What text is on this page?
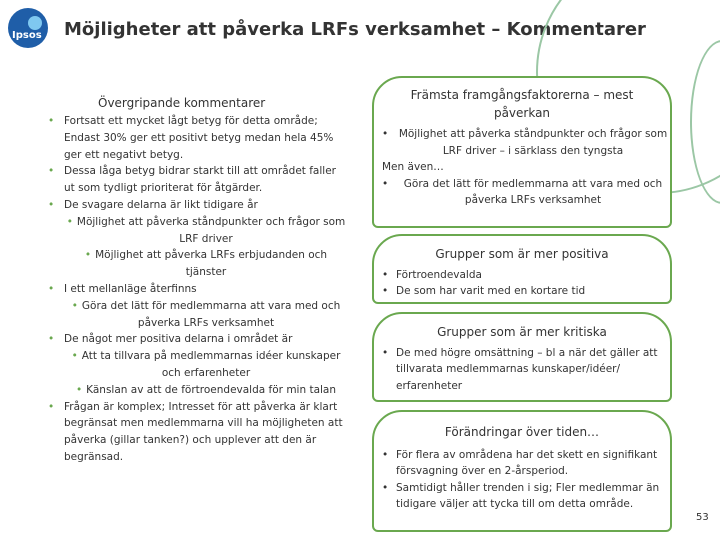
Ipsos Möjligheter att påverka LRFs verksamhet – Kommentarer
Övergripande kommentarer
• Fortsatt ett mycket lågt betyg för detta område; Endast 30% ger ett positivt betyg medan hela 45% ger ett negativt betyg.
• Dessa låga betyg bidrar starkt till att området faller ut som tydligt prioriterat för åtgärder.
• De svagare delarna är likt tidigare år
• Möjlighet att påverka ståndpunkter och frågor som LRF driver
• Möjlighet att påverka LRFs erbjudanden och tjänster
• I ett mellanläge återfinns
• Göra det lätt för medlemmarna att vara med och påverka LRFs verksamhet
• De något mer positiva delarna i området är
• Att ta tillvara på medlemmarnas idéer kunskaper och erfarenheter
• Känslan av att de förtroendevalda för min talan
• Frågan är komplex; Intresset för att påverka är klart begränsat men medlemmarna vill ha möjligheten att påverka (gillar tanken?) och upplever att den är begränsad.
Främsta framgångsfaktorerna – mest påverkan
• Möjlighet att påverka ståndpunkter och frågor som LRF driver – i särklass den tyngsta
Men även…
• Göra det lätt för medlemmarna att vara med och påverka LRFs verksamhet
Grupper som är mer positiva
• Förtroendevalda
• De som har varit med en kortare tid
Grupper som är mer kritiska
• De med högre omsättning – bl a när det gäller att tillvarata medlemmarnas kunskaper/idéer/ erfarenheter
Förändringar över tiden…
• För flera av områdena har det skett en signifikant försvagning över en 2-årsperiod.
• Samtidigt håller trenden i sig; Fler medlemmar än tidigare väljer att tycka till om detta område.
53
